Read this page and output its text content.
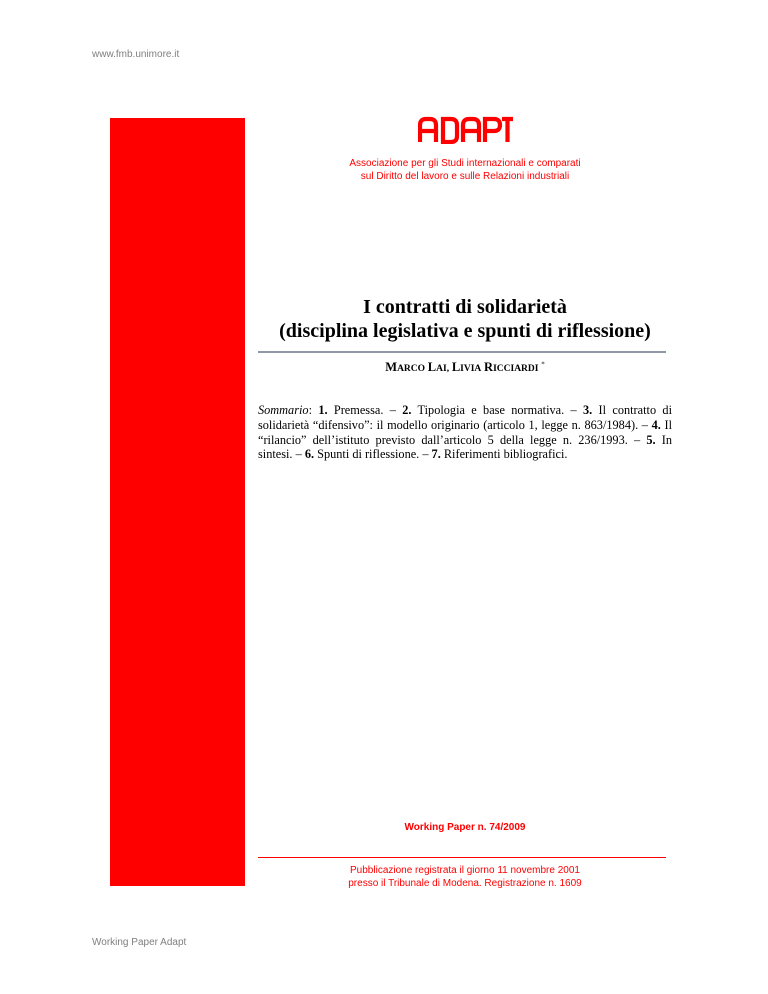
www.fmb.unimore.it
Associazione per gli Studi internazionali e comparati
sul Diritto del lavoro e sulle Relazioni industriali
I contratti di solidarietà
(disciplina legislativa e spunti di riflessione)
MARCO LAI, LIVIA RICCIARDI *
Sommario: 1. Premessa. – 2. Tipologia e base normativa. – 3. Il contratto di solidarietà “difensivo”: il modello originario (articolo 1, legge n. 863/1984). – 4. Il “rilancio” dell’istituto previsto dall’articolo 5 della legge n. 236/1993. – 5. In sintesi. – 6. Spunti di riflessione. – 7. Riferimenti bibliografici.
Working Paper n. 74/2009
Pubblicazione registrata il giorno 11 novembre 2001
presso il Tribunale di Modena. Registrazione n. 1609
Working Paper Adapt
